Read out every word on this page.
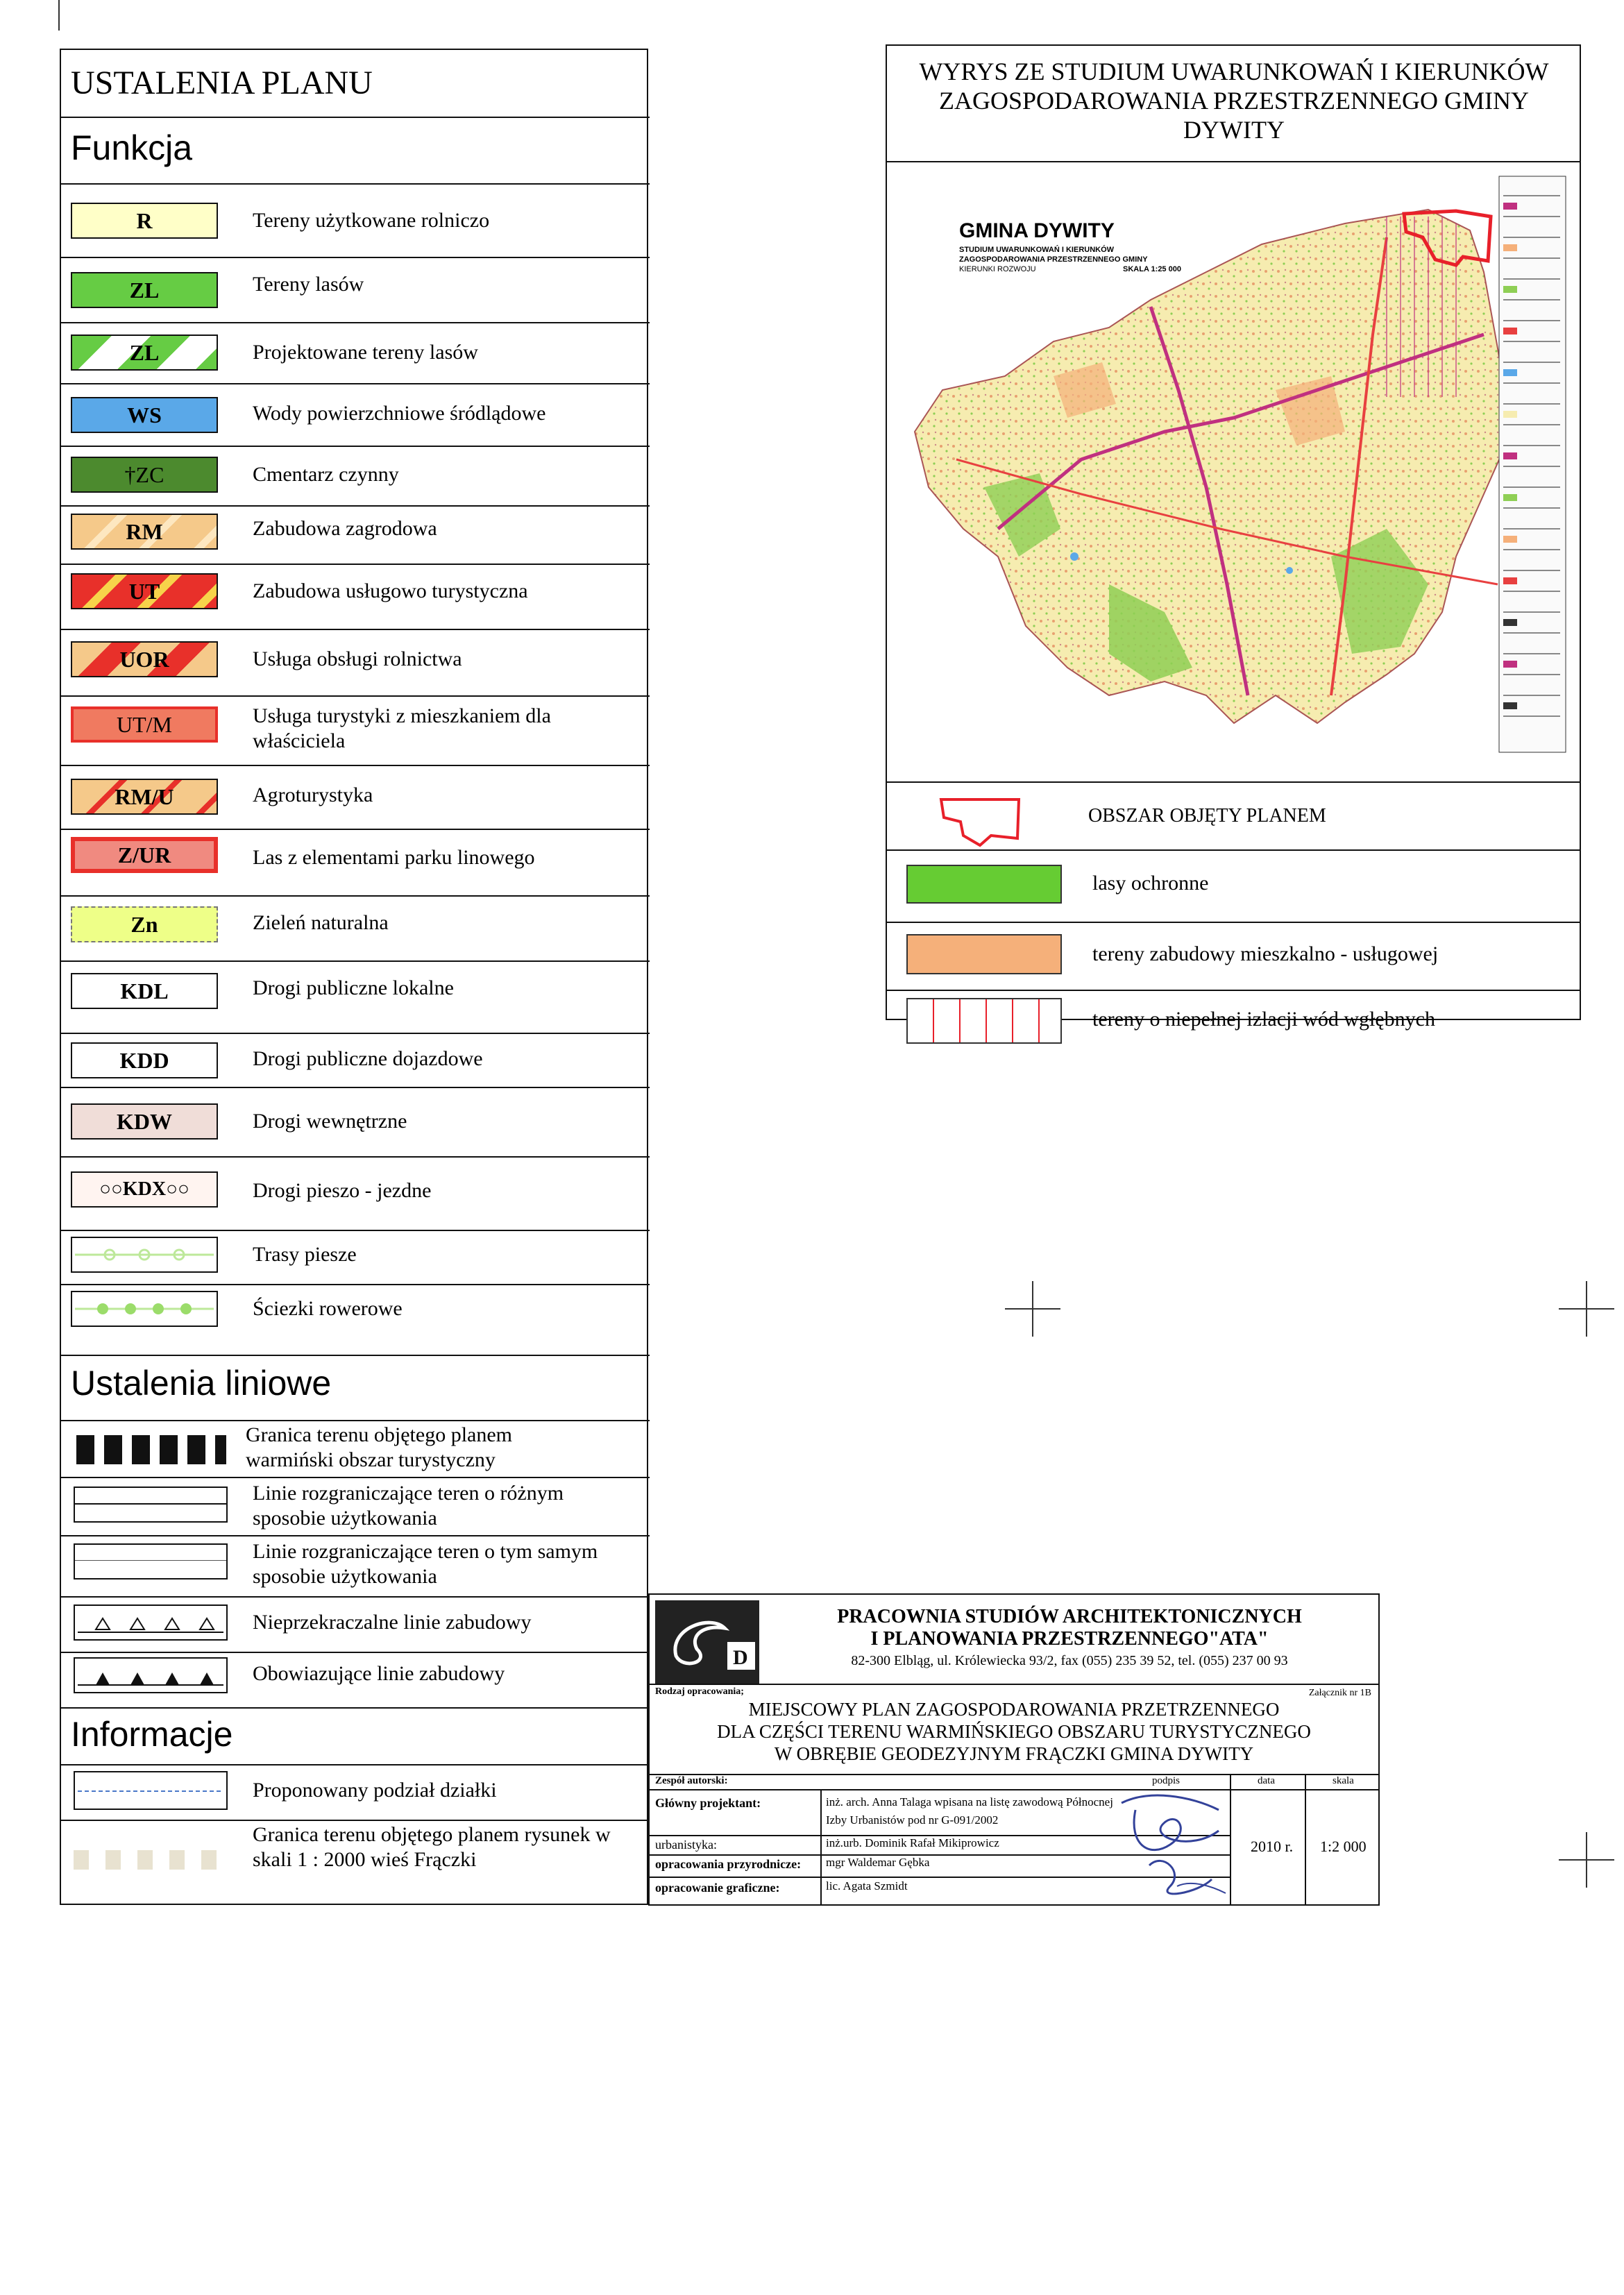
USTALENIA PLANU
Funkcja
R	Tereny użytkowane rolniczo
ZL	Tereny lasów
ZL	Projektowane tereny lasów
WS	Wody powierzchniowe śródlądowe
†ZC	Cmentarz czynny
RM	Zabudowa zagrodowa
UT	Zabudowa usługowo turystyczna
UOR	Usługa obsługi rolnictwa
UT/M	Usługa turystyki z mieszkaniem dla właściciela
RM/U	Agroturystyka
Z/UR	Las z elementami parku linowego
Zn	Zieleń naturalna
KDL	Drogi publiczne lokalne
KDD	Drogi publiczne dojazdowe
KDW	Drogi wewnętrzne
○○KDX○○	Drogi pieszo - jezdne
Trasy piesze
Ściezki rowerowe
Ustalenia liniowe
Granica terenu objętego planem warmiński obszar turystyczny
Linie rozgraniczające teren o różnym sposobie użytkowania
Linie rozgraniczające teren o tym samym sposobie użytkowania
Nieprzekraczalne linie zabudowy
Obowiazujące linie zabudowy
Informacje
Proponowany podział działki
Granica terenu objętego planem rysunek w skali 1 : 2000 wieś Frączki
WYRYS ZE STUDIUM UWARUNKOWAŃ I KIERUNKÓW ZAGOSPODAROWANIA PRZESTRZENNEGO GMINY DYWITY
GMINA DYWITY
STUDIUM UWARUNKOWAŃ I KIERUNKÓW
ZAGOSPODAROWANIA PRZESTRZENNEGO GMINY
KIERUNKI ROZWOJU	SKALA 1:25 000
OBSZAR OBJĘTY PLANEM
lasy ochronne
tereny zabudowy mieszkalno - usługowej
tereny o niepełnej izlacji wód wgłębnych
D
PRACOWNIA STUDIÓW ARCHITEKTONICZNYCH
I PLANOWANIA PRZESTRZENNEGO"ATA"
82-300 Elbląg, ul. Królewiecka 93/2, fax (055) 235 39 52, tel. (055) 237 00 93
Rodzaj opracowania;	Załącznik nr 1B
MIEJSCOWY PLAN ZAGOSPODAROWANIA PRZETRZENNEGO
DLA CZĘŚCI TERENU WARMIŃSKIEGO OBSZARU TURYSTYCZNEGO
W OBRĘBIE GEODEZYJNYM FRĄCZKI GMINA DYWITY
Zespół autorski:	podpis	data	skala
Główny projektant:	inż. arch. Anna Talaga wpisana na listę zawodową Północnej Izby Urbanistów pod nr G-091/2002
urbanistyka:	inż.urb. Dominik Rafał Mikiprowicz
opracowania przyrodnicze: mgr Waldemar Gębka
opracowanie graficzne:	lic. Agata Szmidt
2010 r. 1:2 000
